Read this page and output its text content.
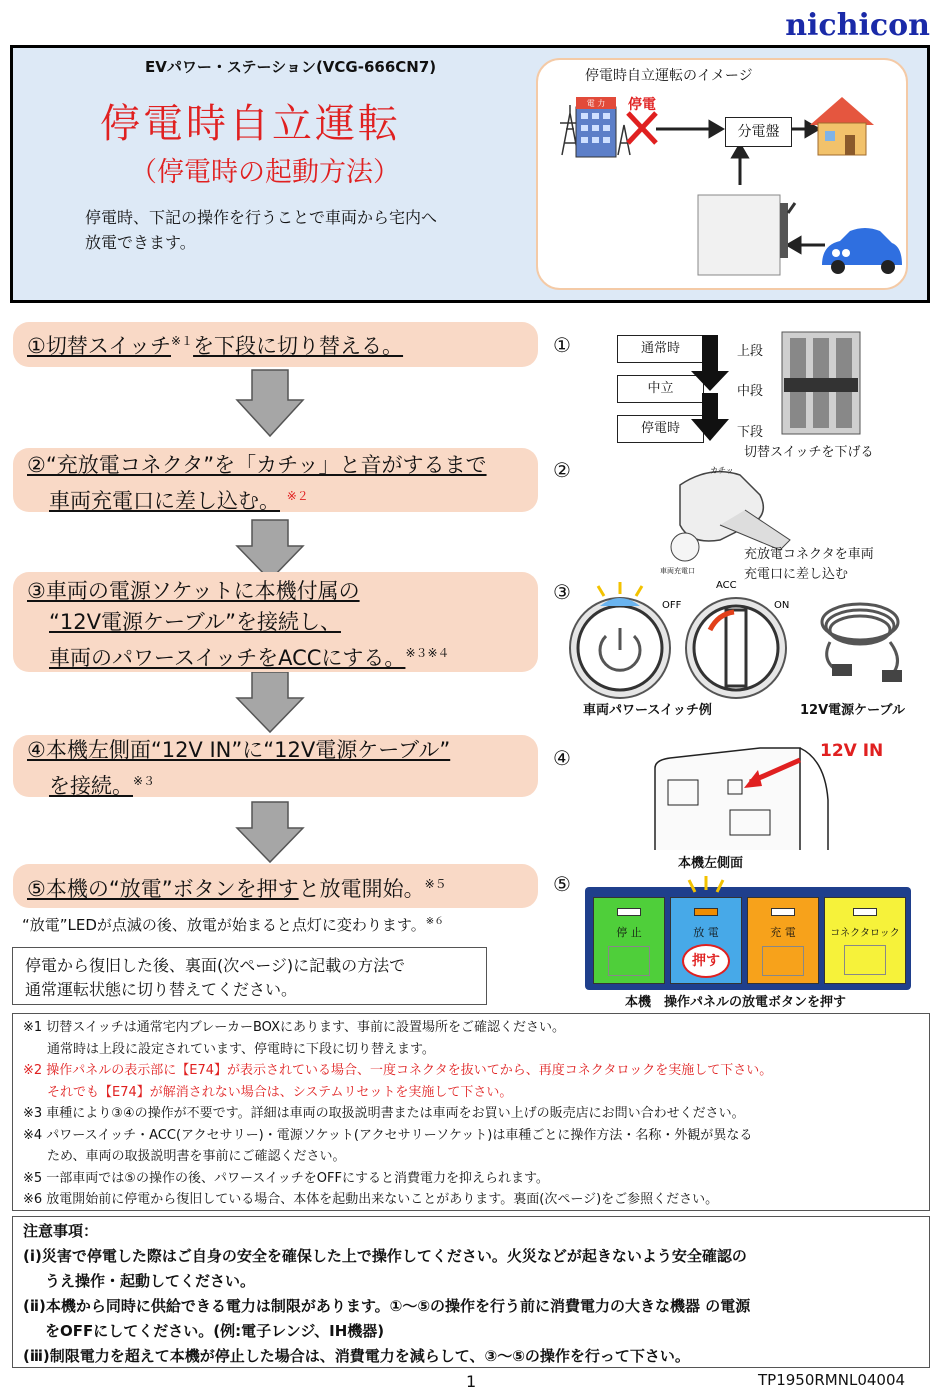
nichicon
EVパワー・ステーション(VCG-666CN7)
停電時自立運転
（停電時の起動方法）
停電時、下記の操作を行うことで車両から宅内へ
放電できます。
停電時自立運転のイメージ
電 力 停電
分電盤
①切替スイッチ$^{※1}$を下段に切り替える。	①	通常時
中立
停電時
上段
中段
下段
切替スイッチを下げる
②“充放電コネクタ”を「カチッ」と音がするまで
車両充電口に差し込む。 $^{※2}$
②	カチッ
車両充電口
充放電コネクタを車両
充電口に差し込む
③車両の電源ソケットに本機付属の
“12V電源ケーブル”を接続し、
車両のパワースイッチをACCにする。$^{※3※4}$
③	ACC
OFF	ON
車両パワースイッチ例	12V電源ケーブル
④本機左側面“12V IN”に“12V電源ケーブル”
を接続。$^{※3}$
④	12V IN
本機左側面
⑤本機の“放電”ボタンを押すと放電開始。$^{※5}$	⑤
停 止	放 電
押す
充 電	コネクタロック
本機　操作パネルの放電ボタンを押す
“放電”LEDが点滅の後、放電が始まると点灯に変わります。$^{※6}$
停電から復旧した後、裏面(次ページ)に記載の方法で
通常運転状態に切り替えてください。
※1 切替スイッチは通常宅内ブレーカーBOXにあります、事前に設置場所をご確認ください。
通常時は上段に設定されています、停電時に下段に切り替えます。
※2 操作パネルの表示部に【E74】が表示されている場合、一度コネクタを抜いてから、再度コネクタロックを実施して下さい。
それでも【E74】が解消されない場合は、システムリセットを実施して下さい。
※3 車種により③④の操作が不要です。詳細は車両の取扱説明書または車両をお買い上げの販売店にお問い合わせください。
※4 パワースイッチ・ACC(アクセサリー)・電源ソケット(アクセサリーソケット)は車種ごとに操作方法・名称・外観が異なる
ため、車両の取扱説明書を事前にご確認ください。
※5 一部車両では⑤の操作の後、パワースイッチをOFFにすると消費電力を抑えられます。
※6 放電開始前に停電から復旧している場合、本体を起動出来ないことがあります。裏面(次ページ)をご参照ください。
注意事項：
(ⅰ)災害で停電した際はご自身の安全を確保した上で操作してください。火災などが起きないよう安全確認の
うえ操作・起動してください。
(ⅱ)本機から同時に供給できる電力は制限があります。①～⑤の操作を行う前に消費電力の大きな機器 の電源
をOFFにしてください。(例:電子レンジ、IH機器)
(ⅲ)制限電力を超えて本機が停止した場合は、消費電力を減らして、③～⑤の操作を行って下さい。
1	TP1950RMNL04004
